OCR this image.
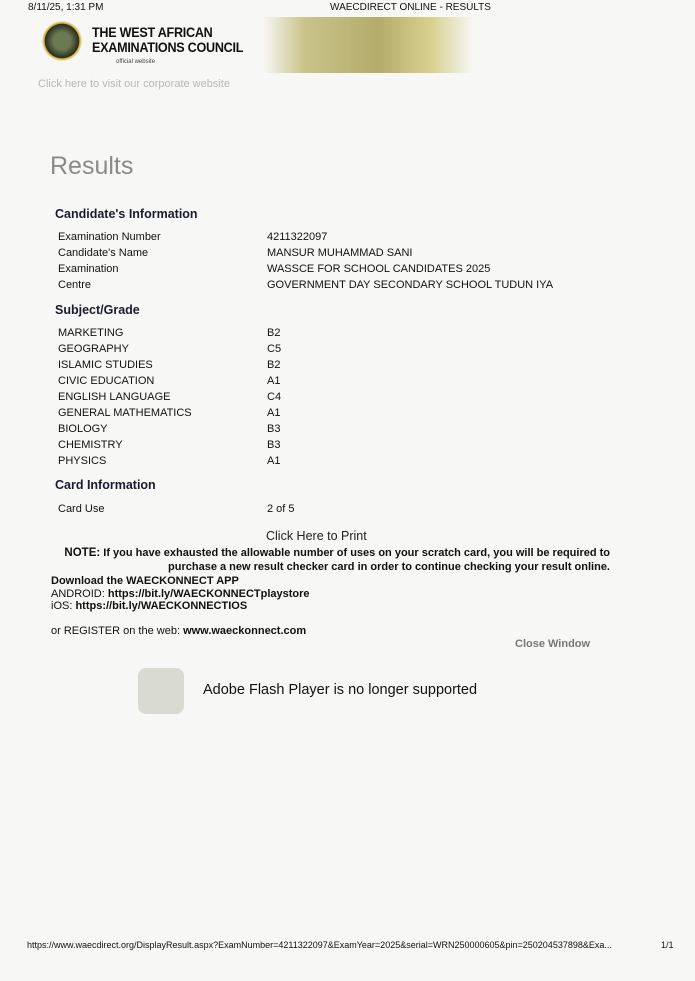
8/11/25, 1:31 PM	WAECDIRECT ONLINE - RESULTS
THE WEST AFRICAN
EXAMINATIONS COUNCIL
official website
Click here to visit our corporate website
Results
Candidate's Information
Examination Number	4211322097
Candidate's Name	MANSUR MUHAMMAD SANI
Examination	WASSCE FOR SCHOOL CANDIDATES 2025
Centre	GOVERNMENT DAY SECONDARY SCHOOL TUDUN IYA
Subject/Grade
MARKETING	B2
GEOGRAPHY	C5
ISLAMIC STUDIES	B2
CIVIC EDUCATION	A1
ENGLISH LANGUAGE	C4
GENERAL MATHEMATICS	A1
BIOLOGY	B3
CHEMISTRY	B3
PHYSICS	A1
Card Information
Card Use	2 of 5
Click Here to Print
NOTE: If you have exhausted the allowable number of uses on your scratch card, you will be required to
purchase a new result checker card in order to continue checking your result online.
Download the WAECKONNECT APP
ANDROID: https://bit.ly/WAECKONNECTplaystore
iOS: https://bit.ly/WAECKONNECTIOS
or REGISTER on the web: www.waeckonnect.com
Close Window
Adobe Flash Player is no longer supported
https://www.waecdirect.org/DisplayResult.aspx?ExamNumber=4211322097&ExamYear=2025&serial=WRN250000605&pin=250204537898&Exa...	1/1
